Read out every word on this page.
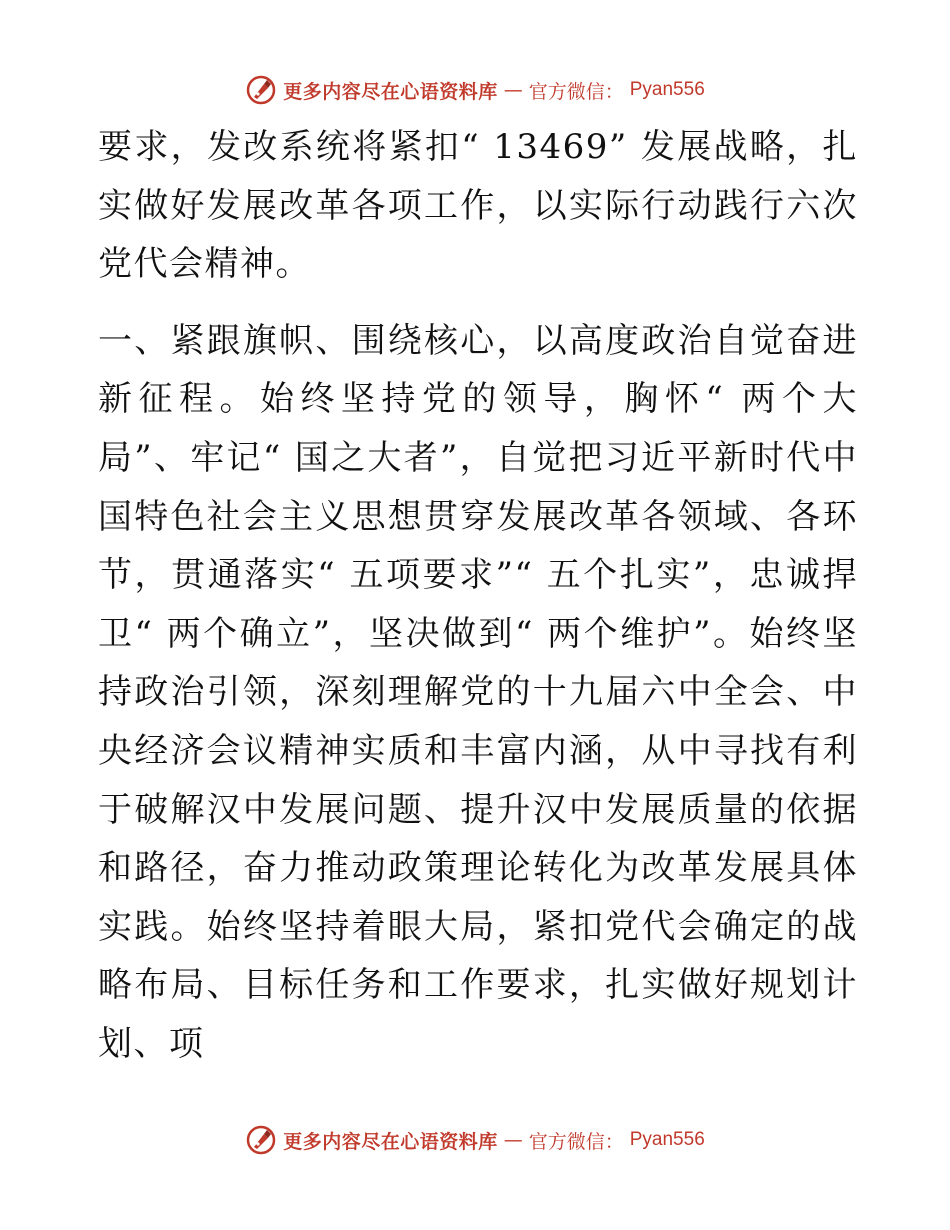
更多内容尽在心语资料库 — 官方微信： Pyan556

要求，发改系统将紧扣“ 13469” 发展战略，扎实做好发展改革各项工作，以实际行动践行六次党代会精神。

一、紧跟旗帜、围绕核心，以高度政治自觉奋进新征程。始终坚持党的领导，胸怀“ 两个大局”、牢记“ 国之大者”，自觉把习近平新时代中国特色社会主义思想贯穿发展改革各领域、各环节，贯通落实“ 五项要求”“ 五个扎实”，忠诚捍卫“ 两个确立”，坚决做到“ 两个维护”。始终坚持政治引领，深刻理解党的十九届六中全会、中央经济会议精神实质和丰富内涵，从中寻找有利于破解汉中发展问题、提升汉中发展质量的依据和路径，奋力推动政策理论转化为改革发展具体实践。始终坚持着眼大局，紧扣党代会确定的战略布局、目标任务和工作要求，扎实做好规划计划、项

更多内容尽在心语资料库 — 官方微信： Pyan556
